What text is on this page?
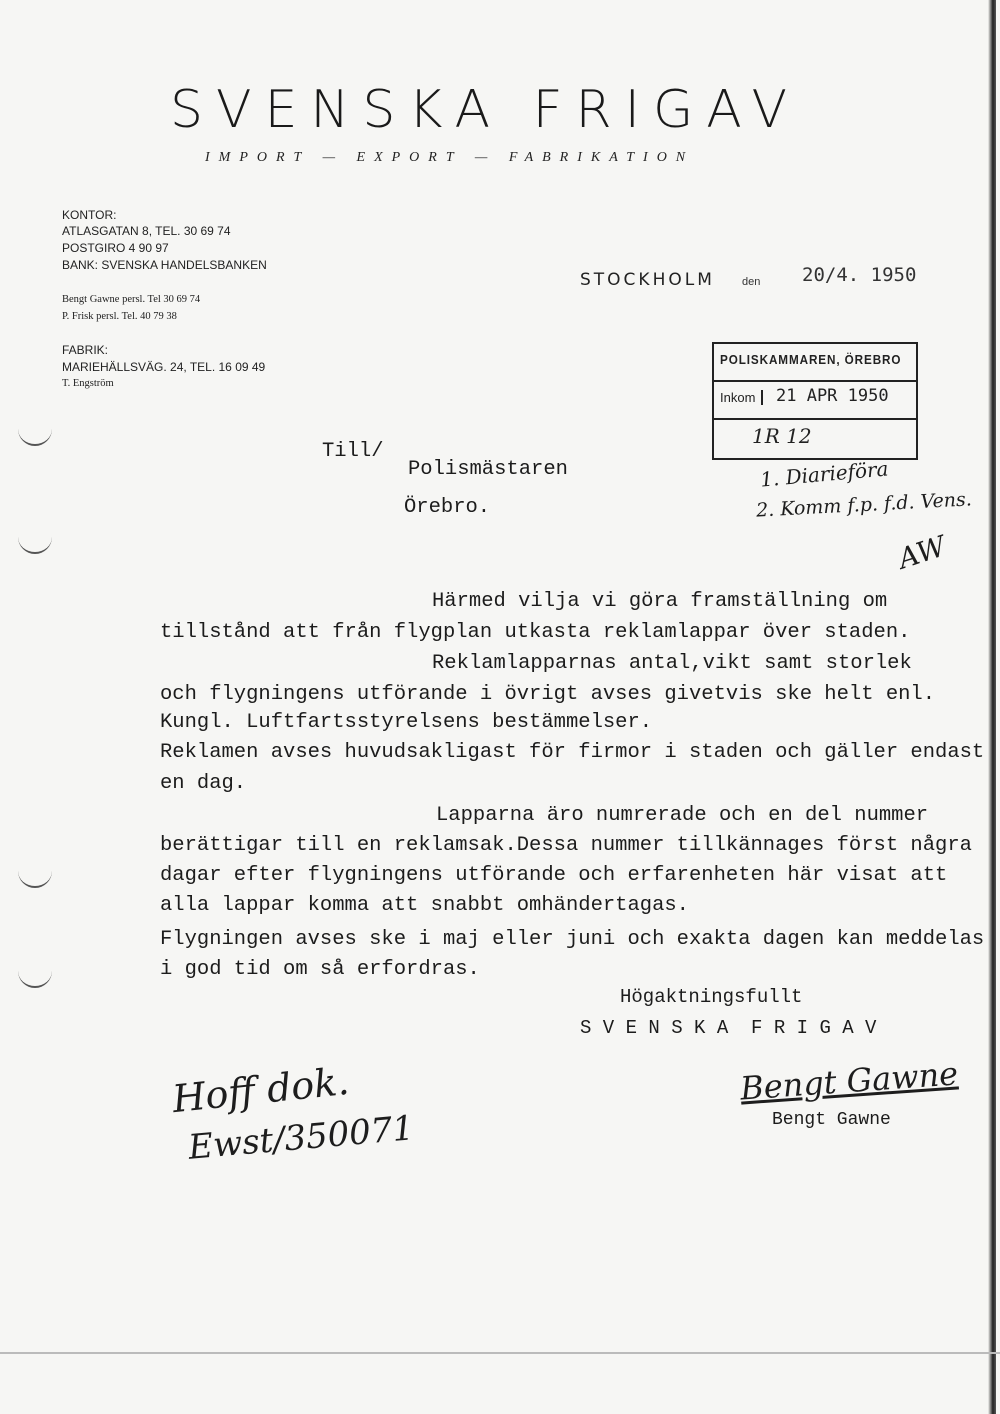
SVENSKA FRIGAV
IMPORT — EXPORT — FABRIKATION
KONTOR:
ATLASGATAN 8, TEL. 30 69 74
POSTGIRO 4 90 97
BANK: SVENSKA HANDELSBANKEN
Bengt Gawne persl. Tel 30 69 74
P. Frisk persl. Tel. 40 79 38
FABRIK:
MARIEHÄLLSVÄG. 24, TEL. 16 09 49
T. Engström
STOCKHOLM den 20/4. 1950
POLISKAMMAREN, ÖREBRO
Inkom	21 APR 1950
1R 12
1. Diarieföra
2. Komm f.p. f.d. Vens.
AW
Till/
Polismästaren
Örebro.
Härmed vilja vi göra framställning om
tillstånd att från flygplan utkasta reklamlappar över staden.
Reklamlapparnas antal,vikt samt storlek
och flygningens utförande i övrigt avses givetvis ske helt enl.
Kungl. Luftfartsstyrelsens bestämmelser.
Reklamen avses huvudsakligast för firmor i staden och gäller endast
en dag.
Lapparna äro numrerade och en del nummer
berättigar till en reklamsak.Dessa nummer tillkännages först några
dagar efter flygningens utförande och erfarenheten här visat att
alla lappar komma att snabbt omhändertagas.
Flygningen avses ske i maj eller juni och exakta dagen kan meddelas
i god tid om så erfordras.
Högaktningsfullt
S V E N S K A  F R I G A V
Bengt Gawne
Bengt Gawne
Hoff dok.
Ewst/350071
